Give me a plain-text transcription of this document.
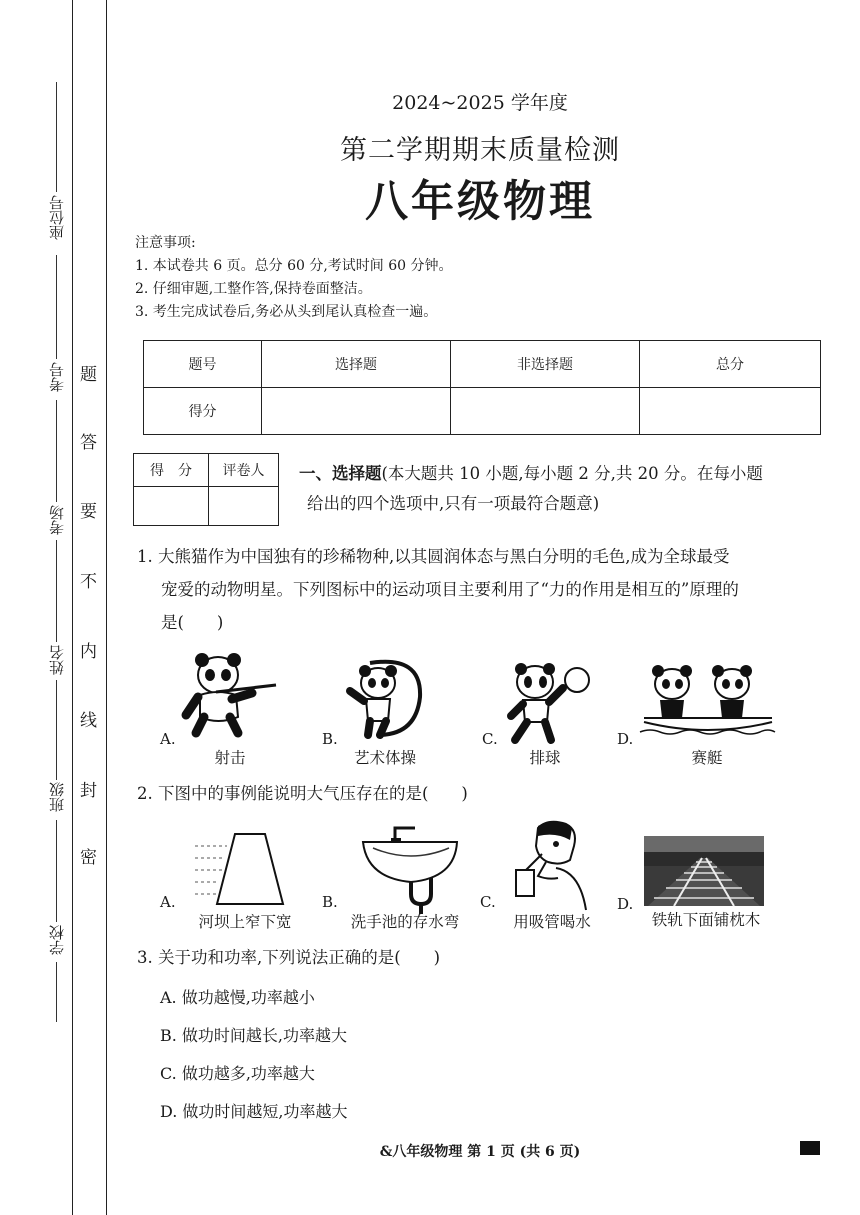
座位号
考号
考场
姓名
班级
学校
题
答
要
不
内
线
封
密
2024~2025 学年度
第二学期期末质量检测
八年级物理
注意事项:
1. 本试卷共 6 页。总分 60 分,考试时间 60 分钟。
2. 仔细审题,工整作答,保持卷面整洁。
3. 考生完成试卷后,务必从头到尾认真检查一遍。
题号	选择题	非选择题	总分
得分			
得　分	评卷人
	一、选择题(本大题共 10 小题,每小题 2 分,共 20 分。在每小题
给出的四个选项中,只有一项最符合题意)
1. 大熊猫作为中国独有的珍稀物种,以其圆润体态与黑白分明的毛色,成为全球最受
宠爱的动物明星。下列图标中的运动项目主要利用了“力的作用是相互的”原理的
是(　　)
A.	B.	C.	D.
射击	艺术体操	排球	赛艇
2. 下图中的事例能说明大气压存在的是(　　)
A.	B.	C.	D.
河坝上窄下宽	洗手池的存水弯	用吸管喝水	铁轨下面铺枕木
3. 关于功和功率,下列说法正确的是(　　)
A. 做功越慢,功率越小
B. 做功时间越长,功率越大
C. 做功越多,功率越大
D. 做功时间越短,功率越大
&八年级物理 第 1 页 (共 6 页)
